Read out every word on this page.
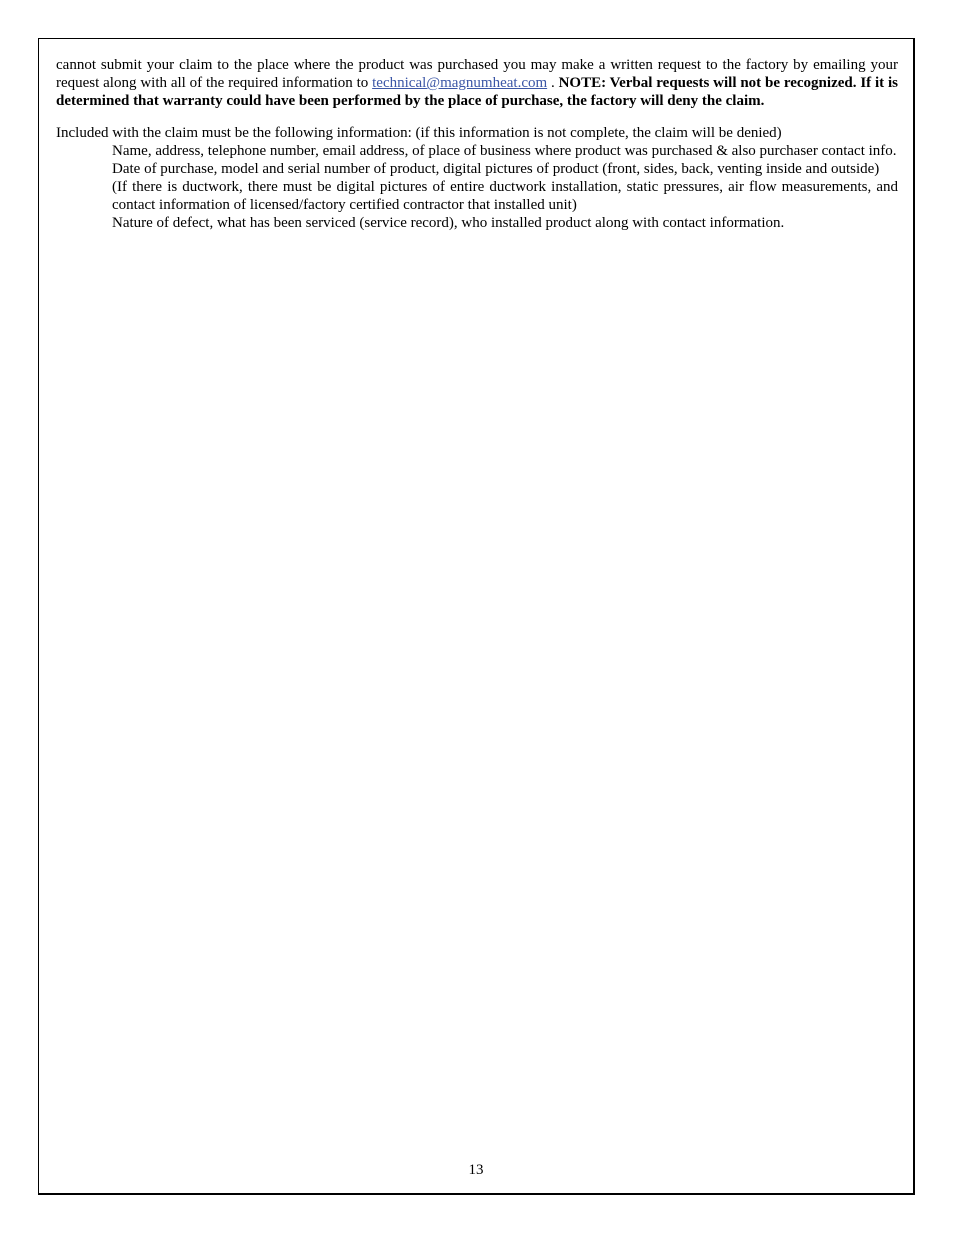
cannot submit your claim to the place where the product was purchased you may make a written request to the factory by emailing your request along with all of the required information to technical@magnumheat.com . NOTE: Verbal requests will not be recognized. If it is determined that warranty could have been performed by the place of purchase, the factory will deny the claim.

Included with the claim must be the following information: (if this information is not complete, the claim will be denied)

Name, address, telephone number, email address, of place of business where product was purchased & also purchaser contact info.

Date of purchase, model and serial number of product, digital pictures of product (front, sides, back, venting inside and outside)

(If there is ductwork, there must be digital pictures of entire ductwork installation, static pressures, air flow measurements, and contact information of licensed/factory certified contractor that installed unit)

Nature of defect, what has been serviced (service record), who installed product along with contact information.

13
